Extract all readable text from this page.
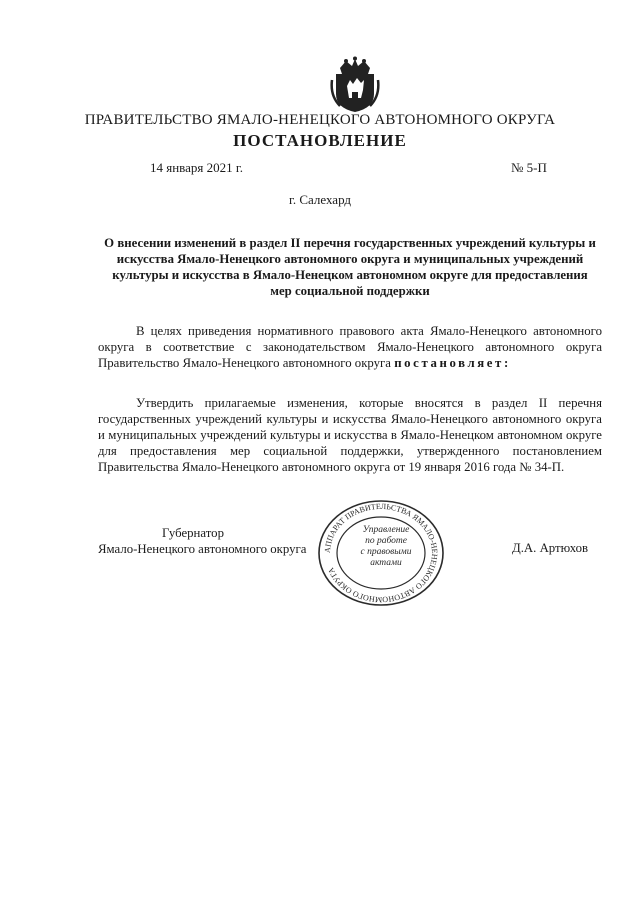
ПРАВИТЕЛЬСТВО ЯМАЛО-НЕНЕЦКОГО АВТОНОМНОГО ОКРУГА
ПОСТАНОВЛЕНИЕ
14 января 2021 г.	№ 5-П
г. Салехард
О внесении изменений в раздел II перечня государственных учреждений культуры и искусства Ямало-Ненецкого автономного округа и муниципальных учреждений культуры и искусства в Ямало-Ненецком автономном округе для предоставления мер социальной поддержки

В целях приведения нормативного правового акта Ямало-Ненецкого автономного округа в соответствие с законодательством Ямало-Ненецкого автономного округа Правительство Ямало-Ненецкого автономного округа постановляет:

Утвердить прилагаемые изменения, которые вносятся в раздел II перечня государственных учреждений культуры и искусства Ямало-Ненецкого автономного округа и муниципальных учреждений культуры и искусства в Ямало-Ненецком автономном округе для предоставления мер социальной поддержки, утвержденного постановлением Правительства Ямало-Ненецкого автономного округа от 19 января 2016 года № 34-П.

Губернатор
Ямало-Ненецкого автономного округа	Д.А. Артюхов
АППАРАТ ПРАВИТЕЛЬСТВА ЯМАЛО-НЕНЕЦКОГО АВТОНОМНОГО ОКРУГА
Управление
по работе
с правовыми
актами
